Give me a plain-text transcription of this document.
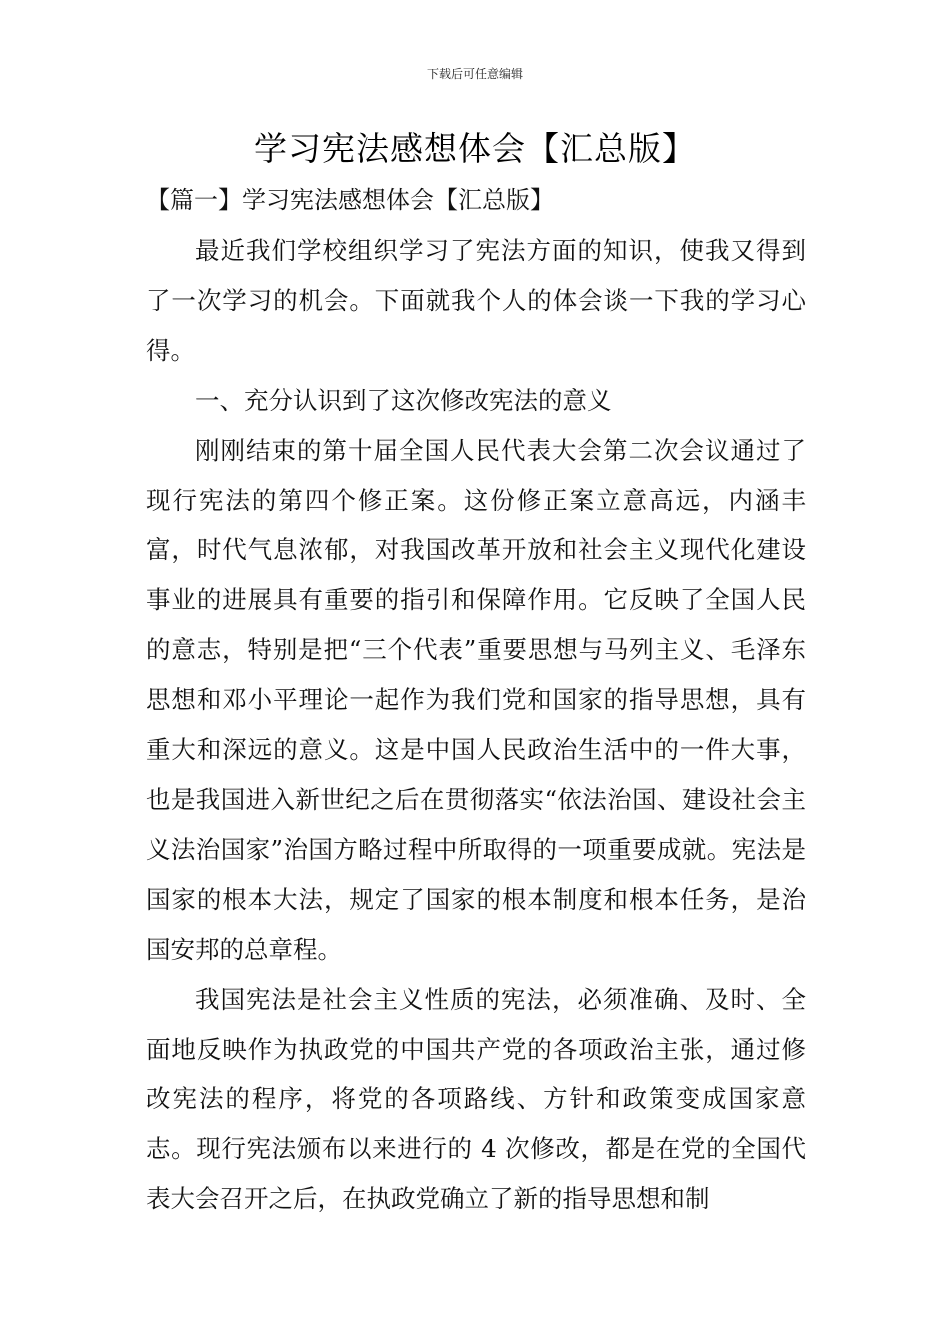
下载后可任意编辑
学习宪法感想体会【汇总版】
【篇一】学习宪法感想体会【汇总版】

最近我们学校组织学习了宪法方面的知识，使我又得到了一次学习的机会。下面就我个人的体会谈一下我的学习心得。

一、充分认识到了这次修改宪法的意义

刚刚结束的第十届全国人民代表大会第二次会议通过了现行宪法的第四个修正案。这份修正案立意高远，内涵丰富，时代气息浓郁，对我国改革开放和社会主义现代化建设事业的进展具有重要的指引和保障作用。它反映了全国人民的意志，特别是把“三个代表”重要思想与马列主义、毛泽东思想和邓小平理论一起作为我们党和国家的指导思想，具有重大和深远的意义。这是中国人民政治生活中的一件大事，也是我国进入新世纪之后在贯彻落实“依法治国、建设社会主义法治国家”治国方略过程中所取得的一项重要成就。宪法是国家的根本大法，规定了国家的根本制度和根本任务，是治国安邦的总章程。

我国宪法是社会主义性质的宪法，必须准确、及时、全面地反映作为执政党的中国共产党的各项政治主张，通过修改宪法的程序，将党的各项路线、方针和政策变成国家意志。现行宪法颁布以来进行的 4 次修改，都是在党的全国代表大会召开之后，在执政党确立了新的指导思想和制
